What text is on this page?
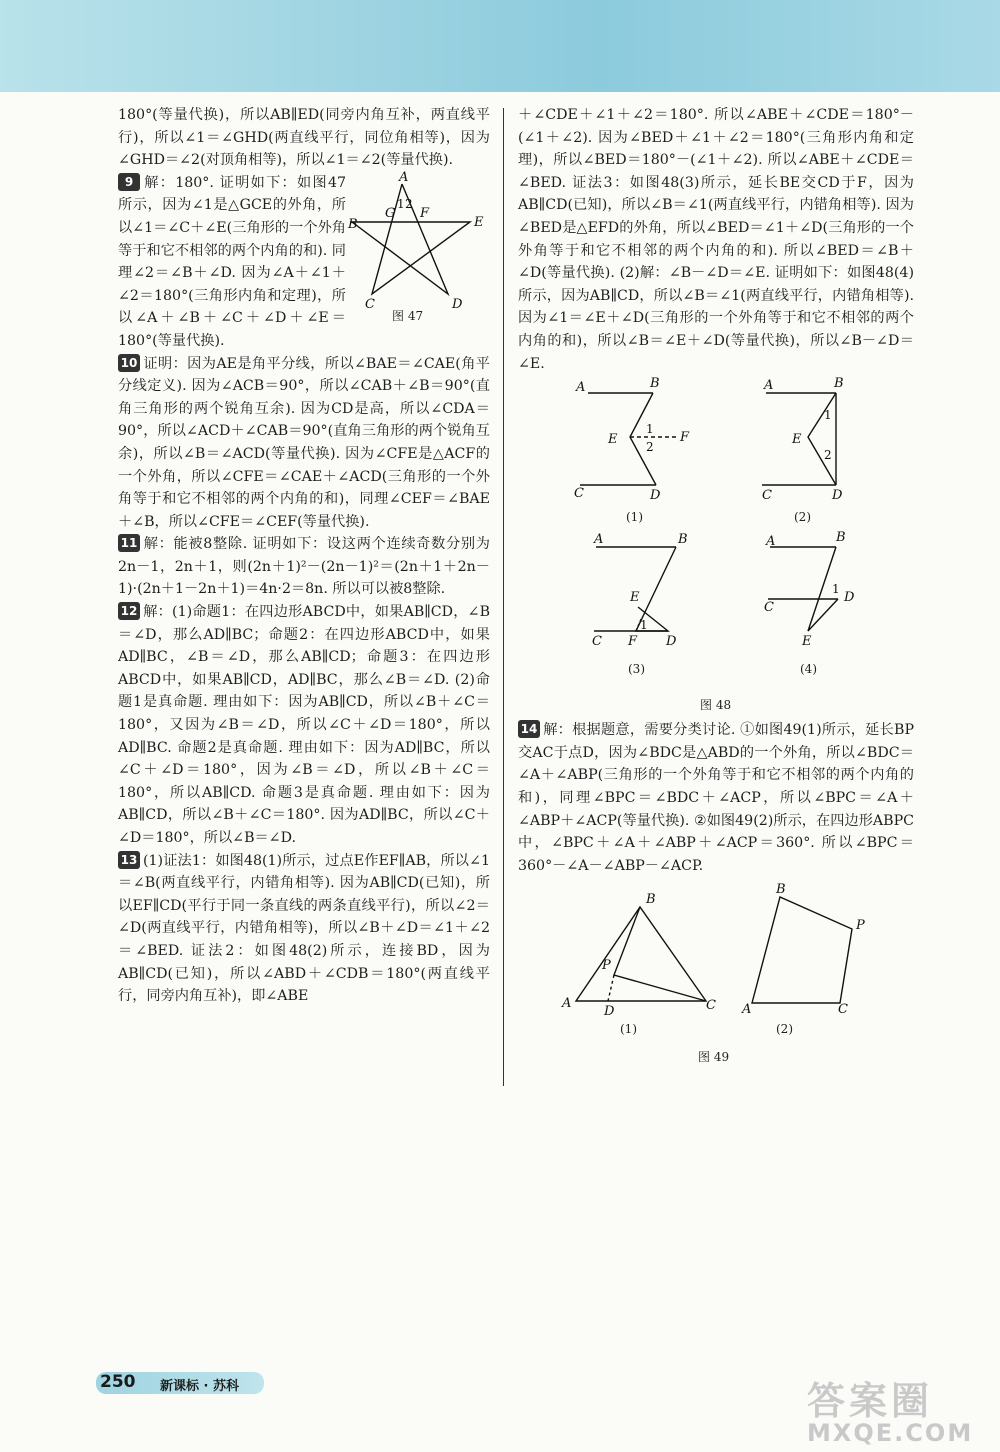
180°(等量代换)，所以AB∥ED(同旁内角互补，两直线平行)，所以∠1＝∠GHD(两直线平行，同位角相等)，因为∠GHD＝∠2(对顶角相等)，所以∠1＝∠2(等量代换).

A
B
C	D
E
G F
1 2
图 47

9 解：180°. 证明如下：如图47所示，因为∠1是△GCE的外角，所以∠1＝∠C＋∠E(三角形的一个外角等于和它不相邻的两个内角的和). 同理∠2＝∠B＋∠D. 因为∠A＋∠1＋∠2＝180°(三角形内角和定理)，所以∠A＋∠B＋∠C＋∠D＋∠E＝180°(等量代换).

10 证明：因为AE是角平分线，所以∠BAE＝∠CAE(角平分线定义). 因为∠ACB＝90°，所以∠CAB＋∠B＝90°(直角三角形的两个锐角互余). 因为CD是高，所以∠CDA＝90°，所以∠ACD＋∠CAB＝90°(直角三角形的两个锐角互余)，所以∠B＝∠ACD(等量代换). 因为∠CFE是△ACF的一个外角，所以∠CFE＝∠CAE＋∠ACD(三角形的一个外角等于和它不相邻的两个内角的和)，同理∠CEF＝∠BAE＋∠B，所以∠CFE＝∠CEF(等量代换).

11 解：能被8整除. 证明如下：设这两个连续奇数分别为2n－1，2n＋1，则(2n＋1)²－(2n－1)²＝(2n＋1＋2n－1)·(2n＋1－2n＋1)＝4n·2＝8n. 所以可以被8整除.

12 解：(1)命题1：在四边形ABCD中，如果AB∥CD，∠B＝∠D，那么AD∥BC；命题2：在四边形ABCD中，如果AD∥BC，∠B＝∠D，那么AB∥CD；命题3：在四边形ABCD中，如果AB∥CD，AD∥BC，那么∠B＝∠D. (2)命题1是真命题. 理由如下：因为AB∥CD，所以∠B＋∠C＝180°，又因为∠B＝∠D，所以∠C＋∠D＝180°，所以AD∥BC. 命题2是真命题. 理由如下：因为AD∥BC，所以∠C＋∠D＝180°，因为∠B＝∠D，所以∠B＋∠C＝180°，所以AB∥CD. 命题3是真命题. 理由如下：因为AB∥CD，所以∠B＋∠C＝180°. 因为AD∥BC，所以∠C＋∠D＝180°，所以∠B＝∠D.

13 (1)证法1：如图48(1)所示，过点E作EF∥AB，所以∠1＝∠B(两直线平行，内错角相等). 因为AB∥CD(已知)，所以EF∥CD(平行于同一条直线的两条直线平行)，所以∠2＝∠D(两直线平行，内错角相等)，所以∠B＋∠D＝∠1＋∠2＝∠BED. 证法2：如图48(2)所示，连接BD，因为AB∥CD(已知)，所以∠ABD＋∠CDB＝180°(两直线平行，同旁内角互补)，即∠ABE

＋∠CDE＋∠1＋∠2＝180°. 所以∠ABE＋∠CDE＝180°－(∠1＋∠2). 因为∠BED＋∠1＋∠2＝180°(三角形内角和定理)，所以∠BED＝180°－(∠1＋∠2). 所以∠ABE＋∠CDE＝∠BED. 证法3：如图48(3)所示，延长BE交CD于F，因为AB∥CD(已知)，所以∠B＝∠1(两直线平行，内错角相等). 因为∠BED是△EFD的外角，所以∠BED＝∠1＋∠D(三角形的一个外角等于和它不相邻的两个内角的和). 所以∠BED＝∠B＋∠D(等量代换). (2)解：∠B－∠D＝∠E. 证明如下：如图48(4)所示，因为AB∥CD，所以∠B＝∠1(两直线平行，内错角相等). 因为∠1＝∠E＋∠D(三角形的一个外角等于和它不相邻的两个内角的和)，所以∠B＝∠E＋∠D(等量代换)，所以∠B－∠D＝∠E.

A	B
C	D
E	F
1
2
(1)
A	B
C	D
E
1
2
(2)
A	B
C	D
E
F
1
(3)
A	B
C
D
E
1
(4)
图 48

14 解：根据题意，需要分类讨论. ①如图49(1)所示，延长BP交AC于点D，因为∠BDC是△ABD的一个外角，所以∠BDC＝∠A＋∠ABP(三角形的一个外角等于和它不相邻的两个内角的和)，同理∠BPC＝∠BDC＋∠ACP，所以∠BPC＝∠A＋∠ABP＋∠ACP(等量代换). ②如图49(2)所示，在四边形ABPC中，∠BPC＋∠A＋∠ABP＋∠ACP＝360°. 所以∠BPC＝360°－∠A－∠ABP－∠ACP.

A
B
C
P
D
(1)
A
B
C
P
(2)
图 49
250 新课标 · 苏科	答案圈
MXQE.COM
